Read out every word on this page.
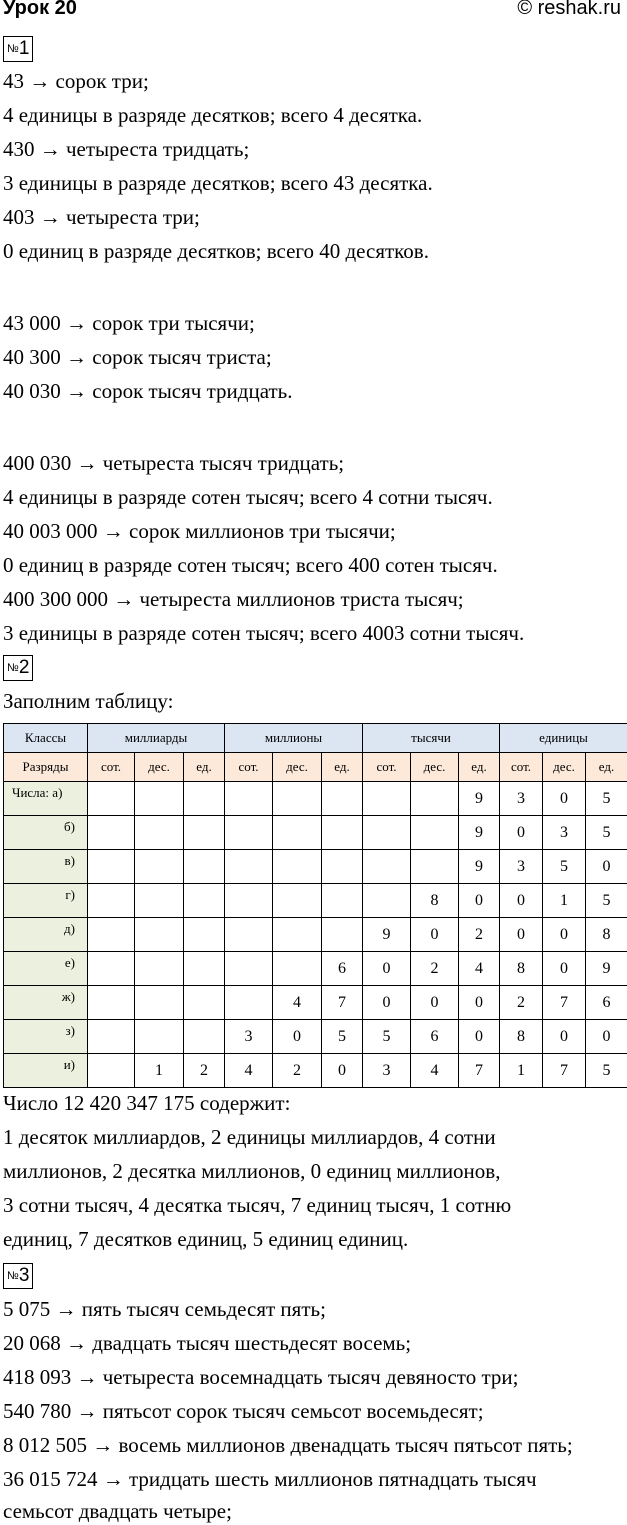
Урок 20	© reshak.ru
№1
43 → сорок три;
4 единицы в разряде десятков; всего 4 десятка.
430 → четыреста тридцать;
3 единицы в разряде десятков; всего 43 десятка.
403 → четыреста три;
0 единиц в разряде десятков; всего 40 десятков.
43 000 → сорок три тысячи;
40 300 → сорок тысяч триста;
40 030 → сорок тысяч тридцать.
400 030 → четыреста тысяч тридцать;
4 единицы в разряде сотен тысяч; всего 4 сотни тысяч.
40 003 000 → сорок миллионов три тысячи;
0 единиц в разряде сотен тысяч; всего 400 сотен тысяч.
400 300 000 → четыреста миллионов триста тысяч;
3 единицы в разряде сотен тысяч; всего 4003 сотни тысяч.
№2
Заполним таблицу:
Классы	миллиарды			миллионы			тысячи			единицы		
Разряды	сот.	дес.	ед.	сот.	дес.	ед.	сот.	дес.	ед.	сот.	дес.	ед.
Числа: а)									9	3	0	5
б)									9	0	3	5
в)									9	3	5	0
г)								8	0	0	1	5
д)							9	0	2	0	0	8
е)						6	0	2	4	8	0	9
ж)					4	7	0	0	0	2	7	6
з)				3	0	5	5	6	0	8	0	0
и)		1	2	4	2	0	3	4	7	1	7	5
Число 12 420 347 175 содержит:
1 десяток миллиардов, 2 единицы миллиардов, 4 сотни
миллионов, 2 десятка миллионов, 0 единиц миллионов,
3 сотни тысяч, 4 десятка тысяч, 7 единиц тысяч, 1 сотню
единиц, 7 десятков единиц, 5 единиц единиц.
№3
5 075 → пять тысяч семьдесят пять;
20 068 → двадцать тысяч шестьдесят восемь;
418 093 → четыреста восемнадцать тысяч девяносто три;
540 780 → пятьсот сорок тысяч семьсот восемьдесят;
8 012 505 → восемь миллионов двенадцать тысяч пятьсот пять;
36 015 724 → тридцать шесть миллионов пятнадцать тысяч
семьсот двадцать четыре;
